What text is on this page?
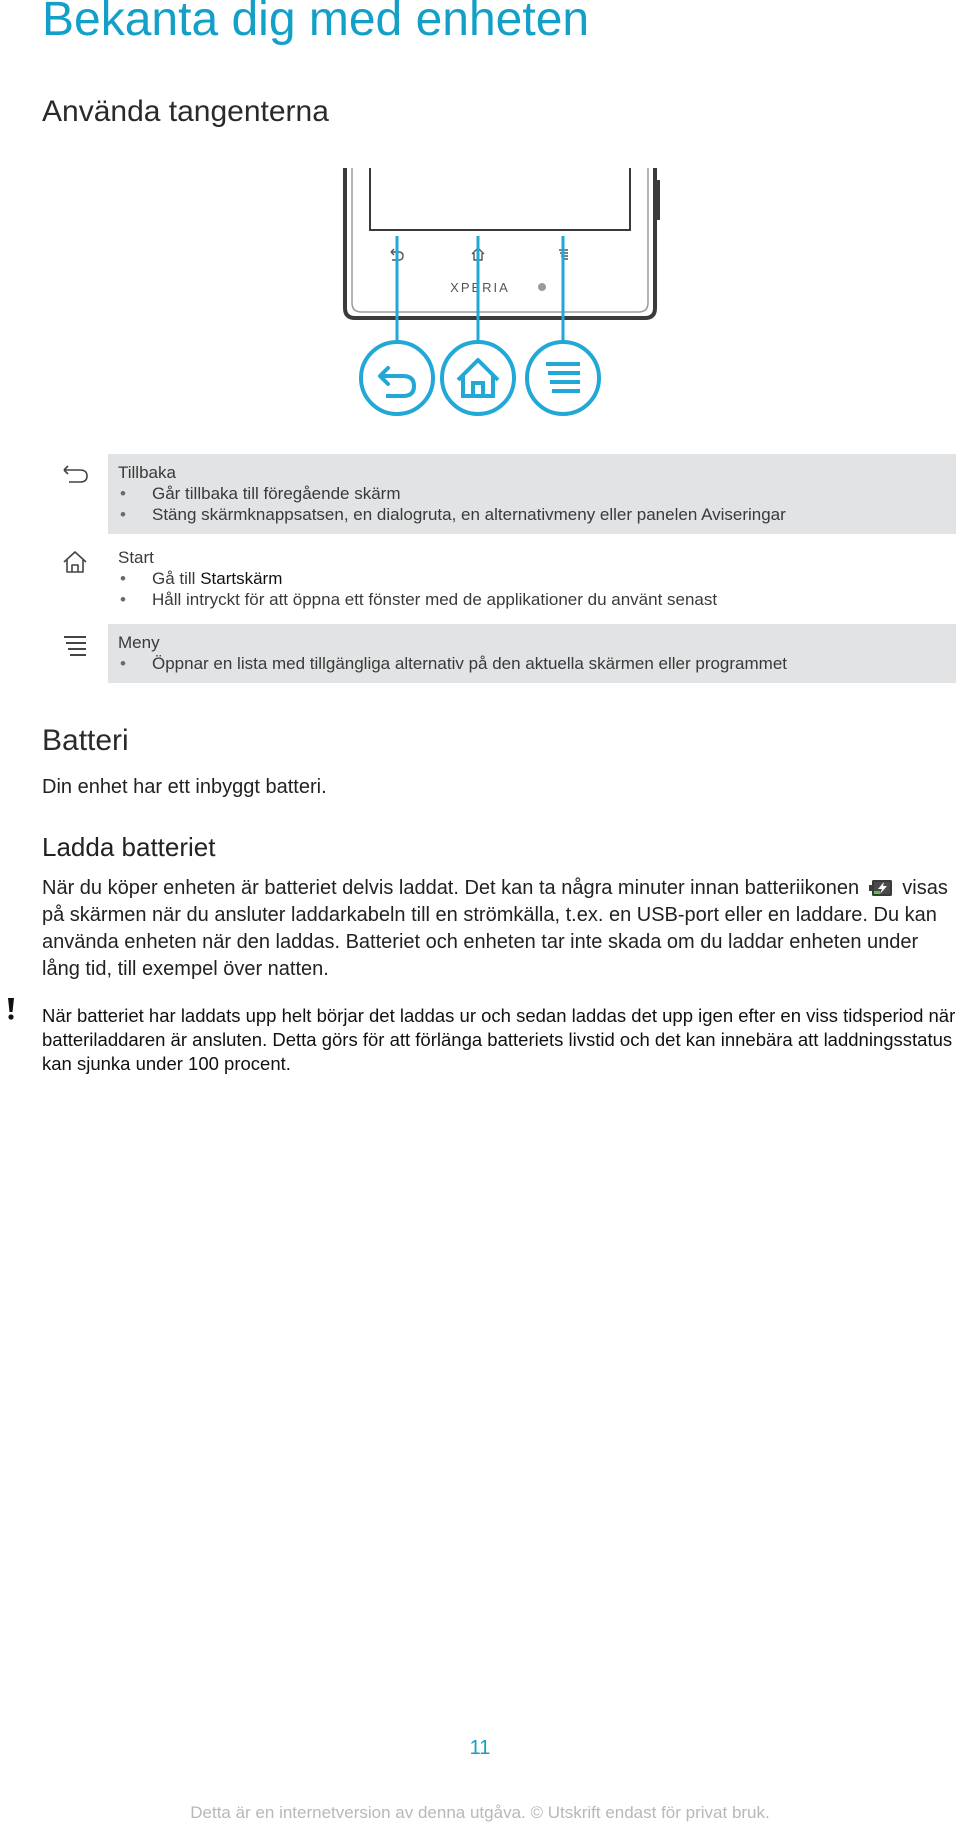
Bekanta dig med enheten
Använda tangenterna
XPERIA
Tillbaka
• Går tillbaka till föregående skärm
• Stäng skärmknappsatsen, en dialogruta, en alternativmeny eller panelen Aviseringar
Start
• Gå till Startskärm
• Håll intryckt för att öppna ett fönster med de applikationer du använt senast
Meny
• Öppnar en lista med tillgängliga alternativ på den aktuella skärmen eller programmet
Batteri
Din enhet har ett inbyggt batteri.
Ladda batteriet
När du köper enheten är batteriet delvis laddat. Det kan ta några minuter innan batteriikonen visas på skärmen när du ansluter laddarkabeln till en strömkälla, t.ex. en USB-port eller en laddare. Du kan använda enheten när den laddas. Batteriet och enheten tar inte skada om du laddar enheten under lång tid, till exempel över natten.
När batteriet har laddats upp helt börjar det laddas ur och sedan laddas det upp igen efter en viss tidsperiod när batteriladdaren är ansluten. Detta görs för att förlänga batteriets livstid och det kan innebära att laddningsstatus kan sjunka under 100 procent.
11
Detta är en internetversion av denna utgåva. © Utskrift endast för privat bruk.
